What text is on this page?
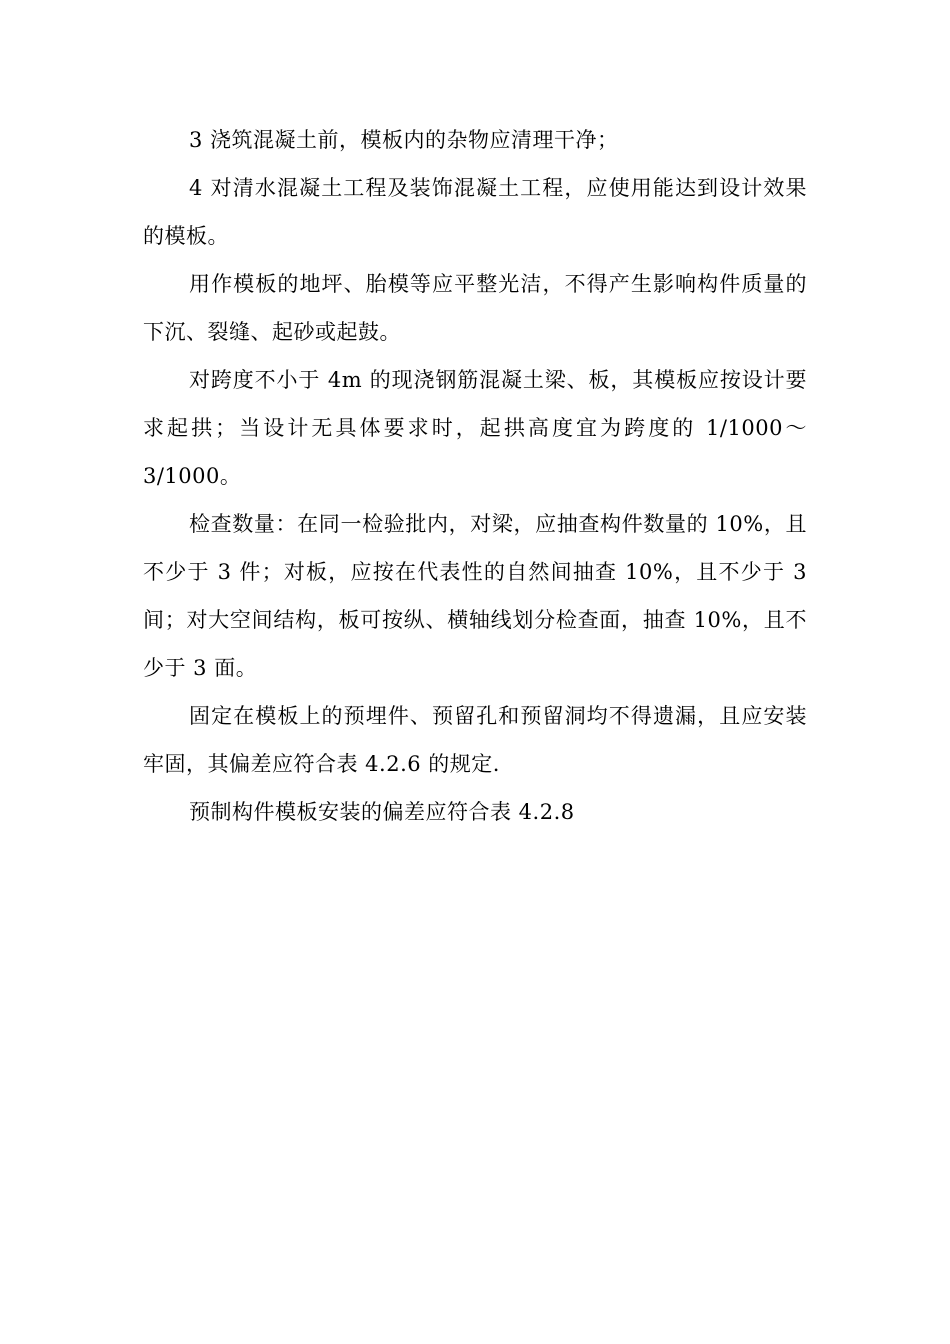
3 浇筑混凝土前，模板内的杂物应清理干净；

4 对清水混凝土工程及装饰混凝土工程，应使用能达到设计效果的模板。

用作模板的地坪、胎模等应平整光洁，不得产生影响构件质量的下沉、裂缝、起砂或起鼓。

对跨度不小于 4m 的现浇钢筋混凝土梁、板，其模板应按设计要求起拱；当设计无具体要求时，起拱高度宜为跨度的 1/1000～3/1000。

检查数量：在同一检验批内，对梁，应抽查构件数量的 10%，且不少于 3 件；对板，应按在代表性的自然间抽查 10%，且不少于 3 间；对大空间结构，板可按纵、横轴线划分检查面，抽查 10%，且不少于 3 面。

固定在模板上的预埋件、预留孔和预留洞均不得遗漏，且应安装牢固，其偏差应符合表 4.2.6 的规定.

预制构件模板安装的偏差应符合表 4.2.8
